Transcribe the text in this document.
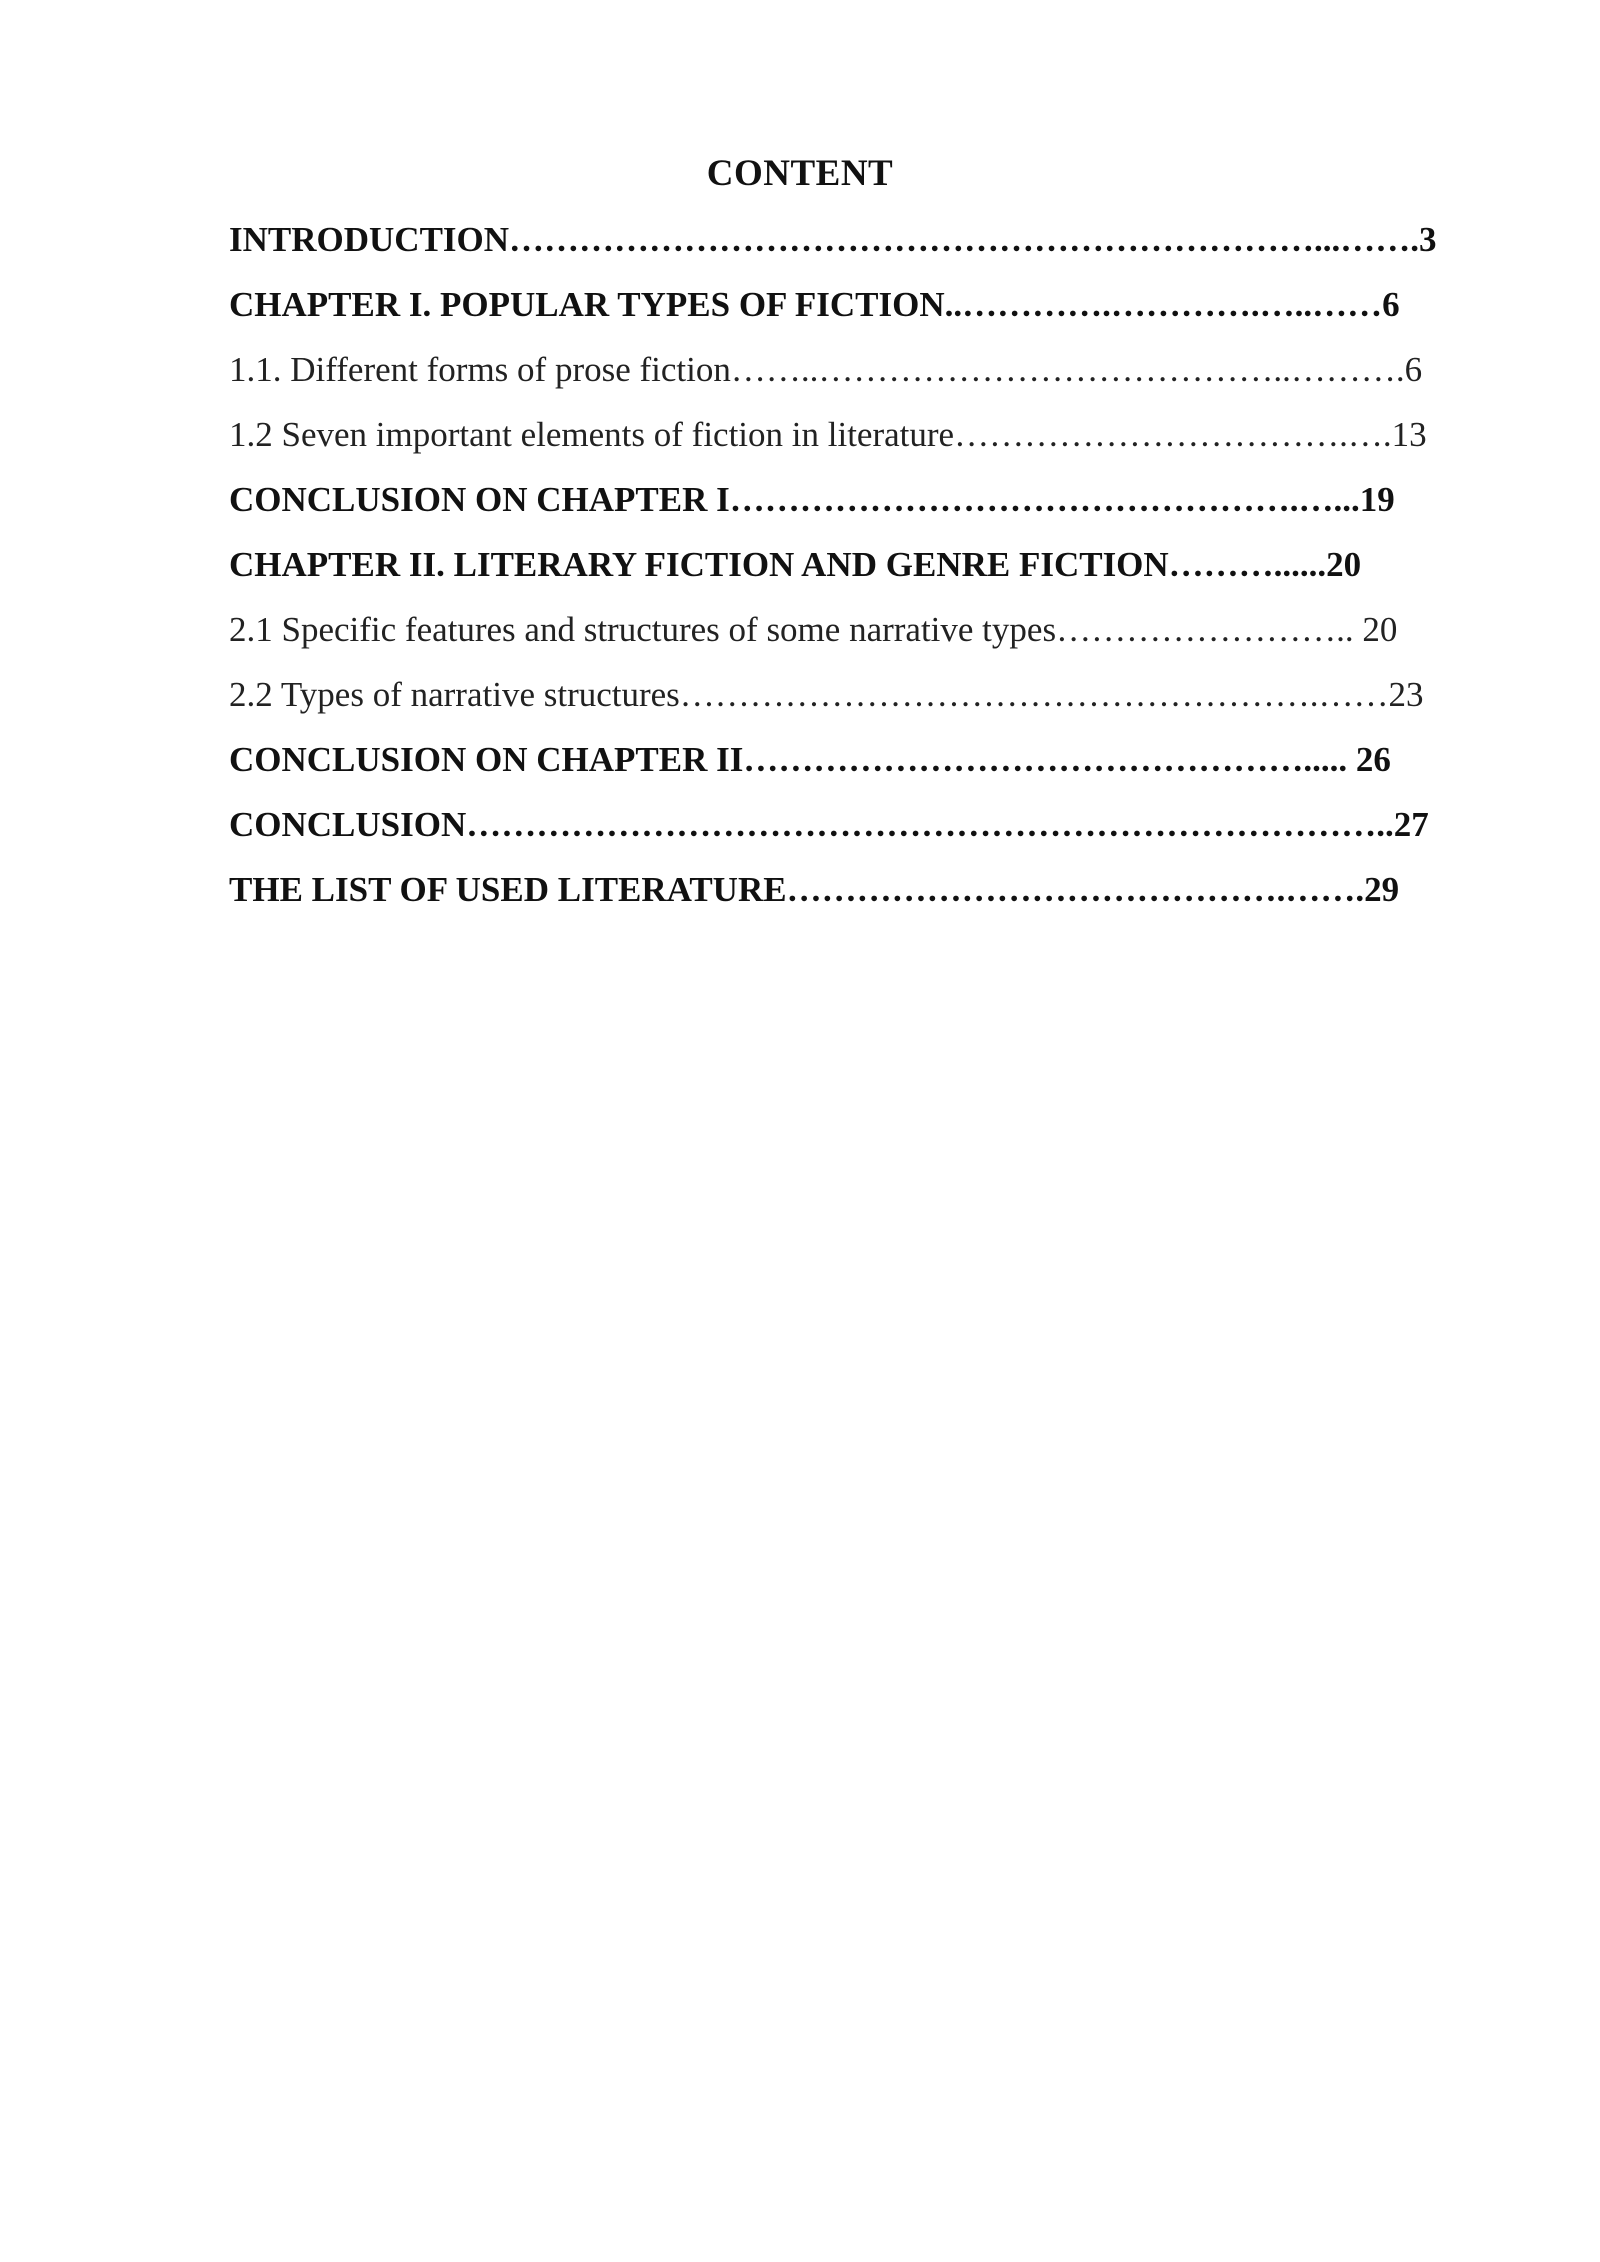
CONTENT
INTRODUCTION……………………………………………………………...…….3
CHAPTER I. POPULAR TYPES OF FICTION..………….………….…..……6
1.1. Different forms of prose fiction……..…………………………………..……….6
1.2 Seven important elements of fiction in literature…………………………….….13
CONCLUSION ON CHAPTER I………………………………………….…...19
CHAPTER II. LITERARY FICTION AND GENRE FICTION………......20
2.1 Specific features and structures of some narrative types…………………….. 20
2.2 Types of narrative structures……………………………………………….……23
CONCLUSION ON CHAPTER II…………………………………………..... 26
CONCLUSION……………………………………………………………………..27
THE LIST OF USED LITERATURE…………………………………….…….29
